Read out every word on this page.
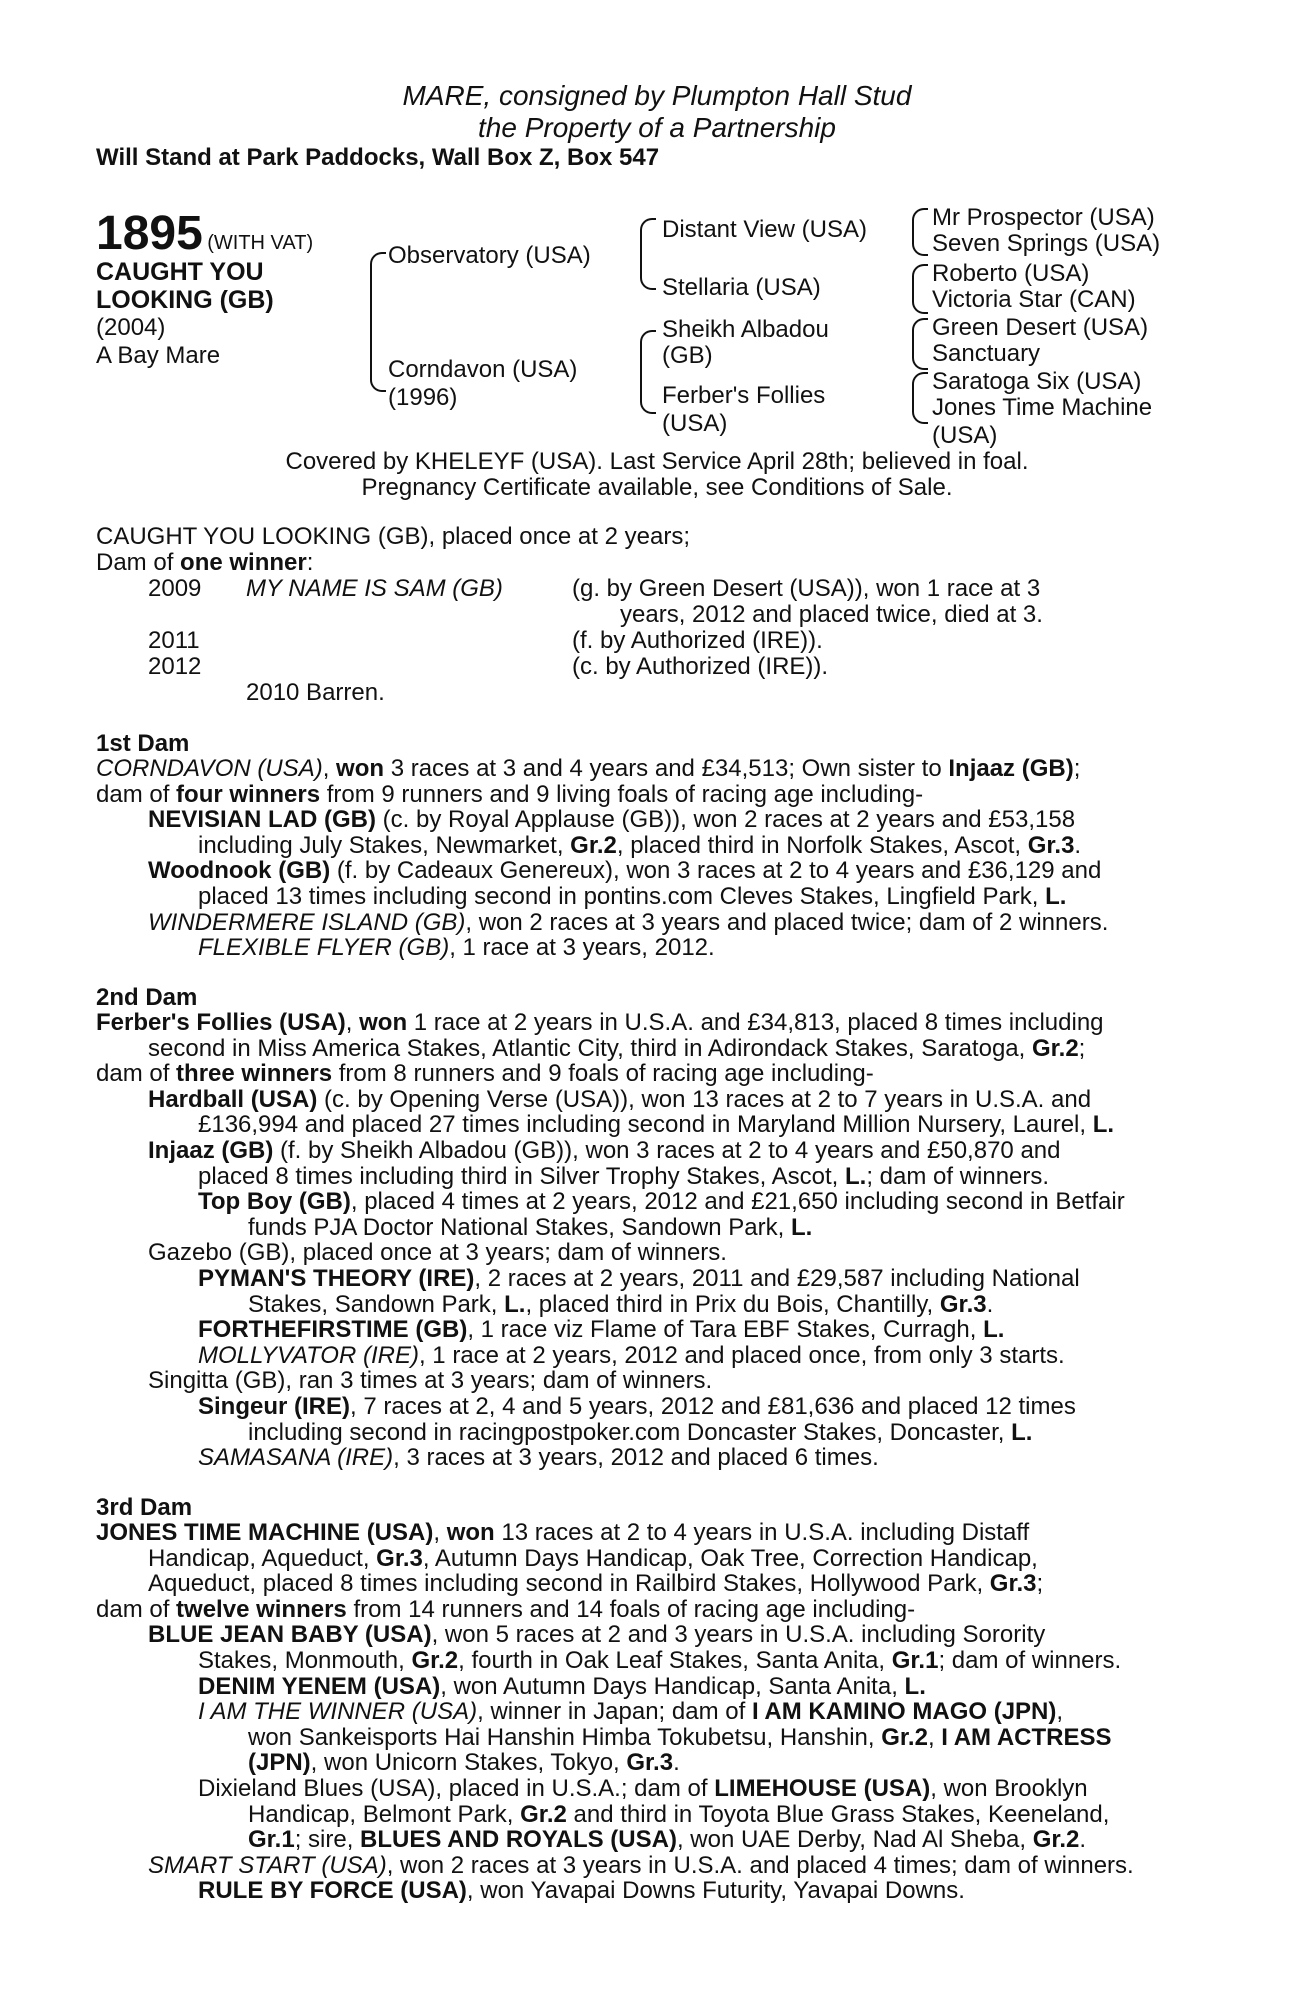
MARE, consigned by Plumpton Hall Stud
the Property of a Partnership
Will Stand at Park Paddocks, Wall Box Z, Box 547
1895 (WITH VAT)
CAUGHT YOU
LOOKING (GB)
(2004)
A Bay Mare
Observatory (USA)
Corndavon (USA)
(1996)
Distant View (USA)
Stellaria (USA)
Sheikh Albadou
(GB)
Ferber's Follies
(USA)
Mr Prospector (USA)
Seven Springs (USA)
Roberto (USA)
Victoria Star (CAN)
Green Desert (USA)
Sanctuary
Saratoga Six (USA)
Jones Time Machine
(USA)
Covered by KHELEYF (USA). Last Service April 28th; believed in foal.
Pregnancy Certificate available, see Conditions of Sale.
CAUGHT YOU LOOKING (GB), placed once at 2 years;
Dam of one winner:
2009 MY NAME IS SAM (GB)	(g. by Green Desert (USA)), won 1 race at 3
years, 2012 and placed twice, died at 3.
2011	(f. by Authorized (IRE)).
2012	(c. by Authorized (IRE)).
2010 Barren.
1st Dam
CORNDAVON (USA), won 3 races at 3 and 4 years and £34,513; Own sister to Injaaz (GB);
dam of four winners from 9 runners and 9 living foals of racing age including-
NEVISIAN LAD (GB) (c. by Royal Applause (GB)), won 2 races at 2 years and £53,158
including July Stakes, Newmarket, Gr.2, placed third in Norfolk Stakes, Ascot, Gr.3.
Woodnook (GB) (f. by Cadeaux Genereux), won 3 races at 2 to 4 years and £36,129 and
placed 13 times including second in pontins.com Cleves Stakes, Lingfield Park, L.
WINDERMERE ISLAND (GB), won 2 races at 3 years and placed twice; dam of 2 winners.
FLEXIBLE FLYER (GB), 1 race at 3 years, 2012.
2nd Dam
Ferber's Follies (USA), won 1 race at 2 years in U.S.A. and £34,813, placed 8 times including
second in Miss America Stakes, Atlantic City, third in Adirondack Stakes, Saratoga, Gr.2;
dam of three winners from 8 runners and 9 foals of racing age including-
Hardball (USA) (c. by Opening Verse (USA)), won 13 races at 2 to 7 years in U.S.A. and
£136,994 and placed 27 times including second in Maryland Million Nursery, Laurel, L.
Injaaz (GB) (f. by Sheikh Albadou (GB)), won 3 races at 2 to 4 years and £50,870 and
placed 8 times including third in Silver Trophy Stakes, Ascot, L.; dam of winners.
Top Boy (GB), placed 4 times at 2 years, 2012 and £21,650 including second in Betfair
funds PJA Doctor National Stakes, Sandown Park, L.
Gazebo (GB), placed once at 3 years; dam of winners.
PYMAN'S THEORY (IRE), 2 races at 2 years, 2011 and £29,587 including National
Stakes, Sandown Park, L., placed third in Prix du Bois, Chantilly, Gr.3.
FORTHEFIRSTIME (GB), 1 race viz Flame of Tara EBF Stakes, Curragh, L.
MOLLYVATOR (IRE), 1 race at 2 years, 2012 and placed once, from only 3 starts.
Singitta (GB), ran 3 times at 3 years; dam of winners.
Singeur (IRE), 7 races at 2, 4 and 5 years, 2012 and £81,636 and placed 12 times
including second in racingpostpoker.com Doncaster Stakes, Doncaster, L.
SAMASANA (IRE), 3 races at 3 years, 2012 and placed 6 times.
3rd Dam
JONES TIME MACHINE (USA), won 13 races at 2 to 4 years in U.S.A. including Distaff
Handicap, Aqueduct, Gr.3, Autumn Days Handicap, Oak Tree, Correction Handicap,
Aqueduct, placed 8 times including second in Railbird Stakes, Hollywood Park, Gr.3;
dam of twelve winners from 14 runners and 14 foals of racing age including-
BLUE JEAN BABY (USA), won 5 races at 2 and 3 years in U.S.A. including Sorority
Stakes, Monmouth, Gr.2, fourth in Oak Leaf Stakes, Santa Anita, Gr.1; dam of winners.
DENIM YENEM (USA), won Autumn Days Handicap, Santa Anita, L.
I AM THE WINNER (USA), winner in Japan; dam of I AM KAMINO MAGO (JPN),
won Sankeisports Hai Hanshin Himba Tokubetsu, Hanshin, Gr.2, I AM ACTRESS
(JPN), won Unicorn Stakes, Tokyo, Gr.3.
Dixieland Blues (USA), placed in U.S.A.; dam of LIMEHOUSE (USA), won Brooklyn
Handicap, Belmont Park, Gr.2 and third in Toyota Blue Grass Stakes, Keeneland,
Gr.1; sire, BLUES AND ROYALS (USA), won UAE Derby, Nad Al Sheba, Gr.2.
SMART START (USA), won 2 races at 3 years in U.S.A. and placed 4 times; dam of winners.
RULE BY FORCE (USA), won Yavapai Downs Futurity, Yavapai Downs.
